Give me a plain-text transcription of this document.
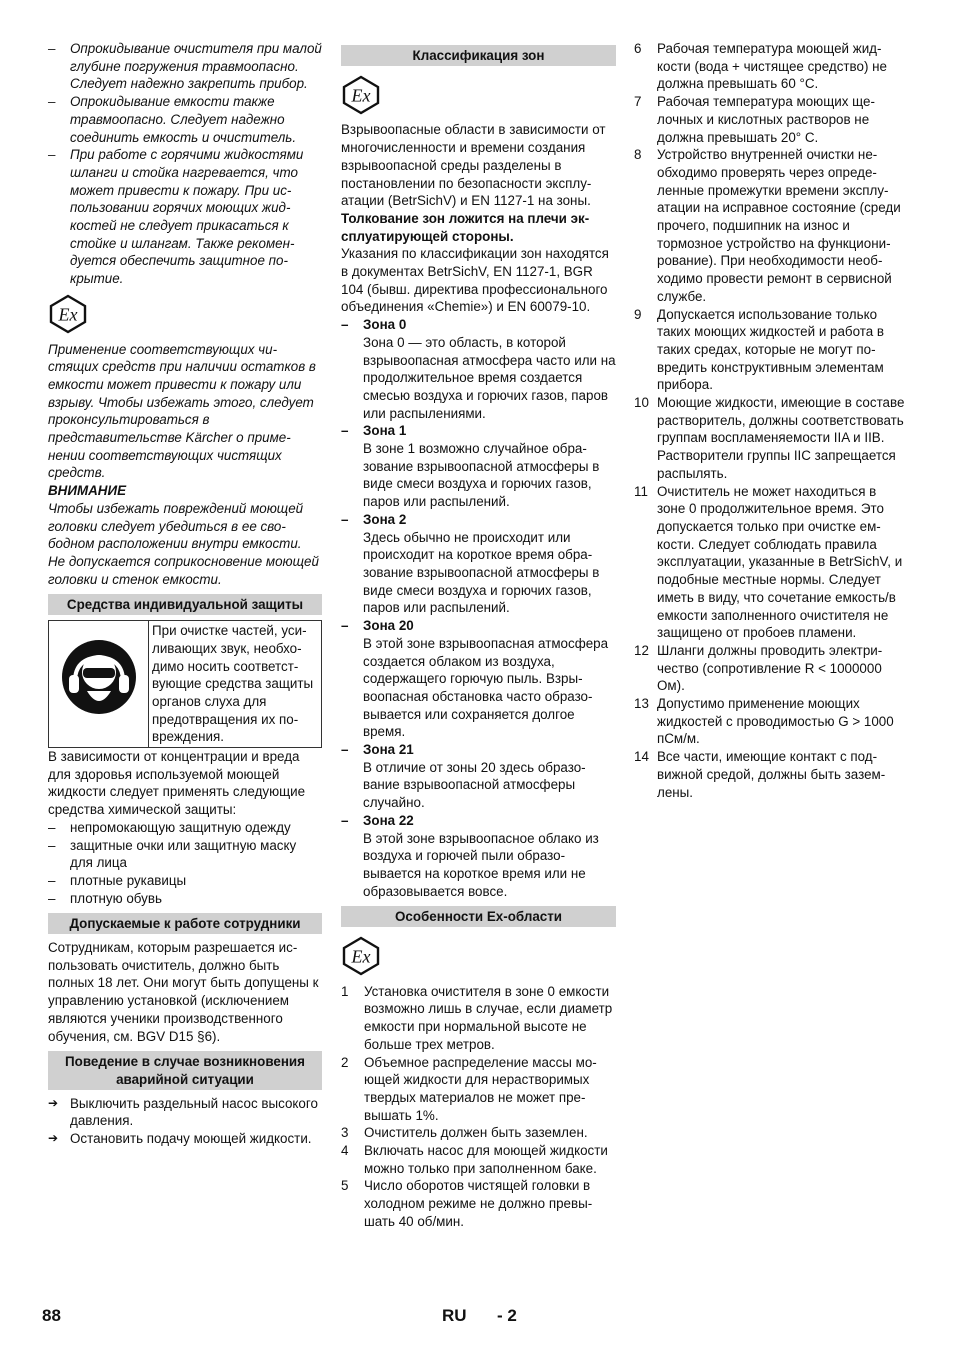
–	Опрокидывание очистителя при малой глубине погружения травмоопасно. Следует надежно закрепить прибор.
–	Опрокидывание емкости также травмоопасно. Следует надежно соединить емкость и очиститель.
–	При работе с горячими жидкостями шланги и стойка нагревается, что может привести к пожару. При использовании горячих моющих жидкостей не следует прикасаться к стойке и шлангам. Также рекомендуется обеспечить защитное покрытие.
Ex

Применение соответствующих чистящих средств при наличии остатков в емкости может привести к пожару или взрыву. Чтобы избежать этого, следует проконсультироваться в представительстве Kärcher о применении соответствующих чистящих средств.

ВНИМАНИЕ

Чтобы избежать повреждений моющей головки следует убедиться в ее свободном расположении внутри емкости. Не допускается соприкосновение моющей головки и стенок емкости.

Средства индивидуальной защиты
При очистке частей, усиливающих звук, необходимо носить соответствующие средства защиты органов слуха для предотвращения их повреждения.

В зависимости от концентрации и вреда для здоровья используемой моющей жидкости следует применять следующие средства химической защиты:

–	непромокающую защитную одежду
–	защитные очки или защитную маску для лица
–	плотные рукавицы
–	плотную обувь
Допускаемые к работе сотрудники

Сотрудникам, которым разрешается использовать очиститель, должно быть полных 18 лет. Они могут быть допущены к управлению установкой (исключением являются ученики производственного обучения, см. BGV D15 §6).

Поведение в случае возникновения аварийной ситуации
➔ Выключить раздельный насос высокого давления.
➔ Остановить подачу моющей жидкости.
Классификация зон
Ex

Взрывоопасные области в зависимости от многочисленности и времени создания взрывоопасной среды разделены в постановлении по безопасности эксплуатации (BetrSichV) и EN 1127-1 на зоны.

Толкование зон ложится на плечи эксплуатирующей стороны.

Указания по классификации зон находятся в документах BetrSichV, EN 1127-1, BGR 104 (бывш. директива профессионального объединения «Chemie») и EN 60079-10.

–	Зона 0
Зона 0 — это область, в которой взрывоопасная атмосфера часто или на продолжительное время создается смесью воздуха и горючих газов, паров или распылениями.
–	Зона 1
В зоне 1 возможно случайное образование взрывоопасной атмосферы в виде смеси воздуха и горючих газов, паров или распылений.
–	Зона 2
Здесь обычно не происходит или происходит на короткое время образование взрывоопасной атмосферы в виде смеси воздуха и горючих газов, паров или распылений.
–	Зона 20
В этой зоне взрывоопасная атмосфера создается облаком из воздуха, содержащего горючую пыль. Взрывоопасная обстановка часто образовывается или сохраняется долгое время.
–	Зона 21
В отличие от зоны 20 здесь образование взрывоопасной атмосферы случайно.
–	Зона 22
В этой зоне взрывоопасное облако из воздуха и горючей пыли образовывается на короткое время или не образовывается вовсе.
Особенности Ex-области
Ex
1	Установка очистителя в зоне 0 емкости возможно лишь в случае, если диаметр емкости при нормальной высоте не больше трех метров.
2	Объемное распределение массы моющей жидкости для нерастворимых твердых материалов не может превышать 1%.
3	Очиститель должен быть заземлен.
4	Включать насос для моющей жидкости можно только при заполненном баке.
5	Число оборотов чистящей головки в холодном режиме не должно превышать 40 об/мин.
6	Рабочая температура моющей жидкости (вода + чистящее средство) не должна превышать 60 °C.
7	Рабочая температура моющих щелочных и кислотных растворов не должна превышать 20° C.
8	Устройство внутренней очистки необходимо проверять через определенные промежутки времени эксплуатации на исправное состояние (среди прочего, подшипник на износ и тормозное устройство на функционирование). При необходимости необходимо провести ремонт в сервисной службе.
9	Допускается использование только таких моющих жидкостей и работа в таких средах, которые не могут повредить конструктивным элементам прибора.
10 Моющие жидкости, имеющие в составе растворитель, должны соответствовать группам воспламеняемости IIA и IIB. Растворители группы IIC запрещается распылять.
11 Очиститель не может находиться в зоне 0 продолжительное время. Это допускается только при очистке емкости. Следует соблюдать правила эксплуатации, указанные в BetrSichV, и подобные местные нормы. Следует иметь в виду, что сочетание емкость/в емкости заполненного очистителя не защищено от пробоев пламени.
12 Шланги должны проводить электричество (сопротивление R < 1000000 Ом).
13 Допустимо применение моющих жидкостей с проводимостью G > 1000 пСм/м.
14 Все части, имеющие контакт с подвижной средой, должны быть заземлены.
88	RU - 2
